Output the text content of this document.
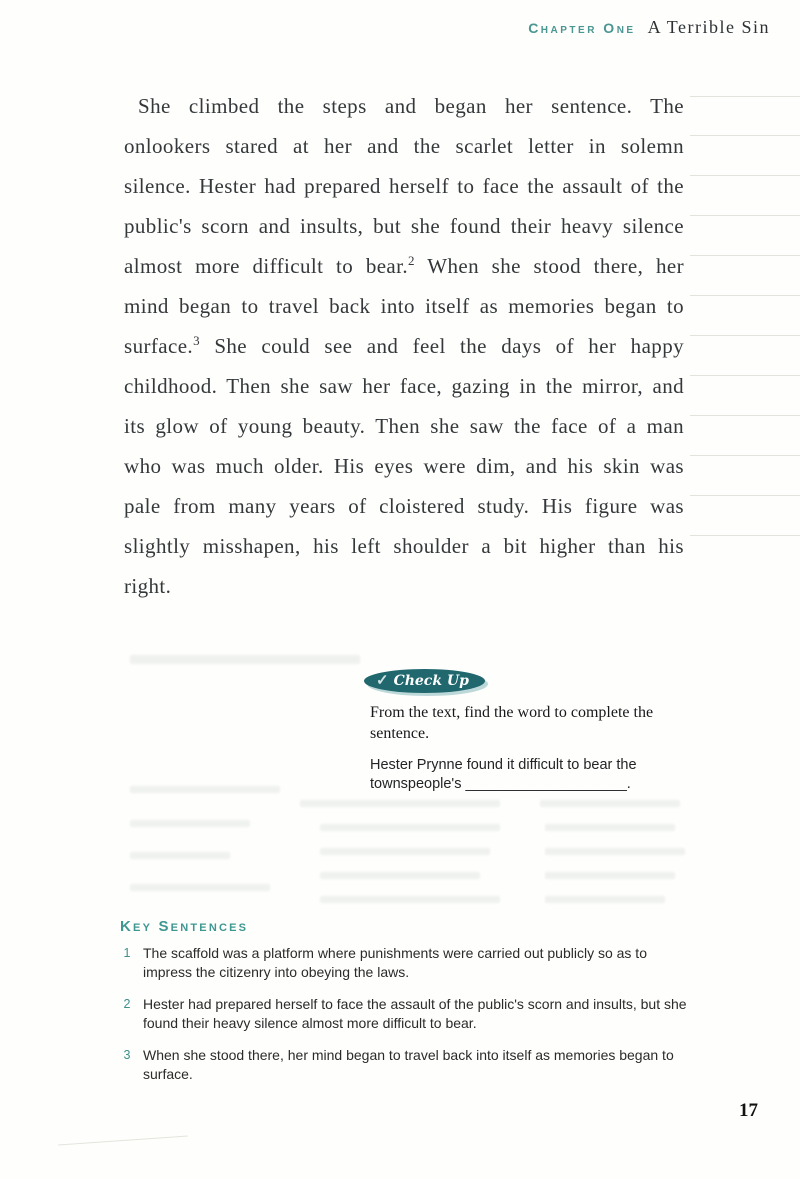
Chapter One A Terrible Sin
She climbed the steps and began her sentence. The onlookers stared at her and the scarlet letter in solemn silence. Hester had prepared herself to face the assault of the public's scorn and insults, but she found their heavy silence almost more difficult to bear.$^2$ When she stood there, her mind began to travel back into itself as memories began to surface.$^3$ She could see and feel the days of her happy childhood. Then she saw her face, gazing in the mirror, and its glow of young beauty. Then she saw the face of a man who was much older. His eyes were dim, and his skin was pale from many years of cloistered study. His figure was slightly misshapen, his left shoulder a bit higher than his right.
✓ Check Up
From the text, find the word to complete the sentence.
Hester Prynne found it difficult to bear the townspeople's ____________________.
Key Sentences
1 The scaffold was a platform where punishments were carried out publicly so as to impress the citizenry into obeying the laws.
2 Hester had prepared herself to face the assault of the public's scorn and insults, but she found their heavy silence almost more difficult to bear.
3 When she stood there, her mind began to travel back into itself as memories began to surface.
17
